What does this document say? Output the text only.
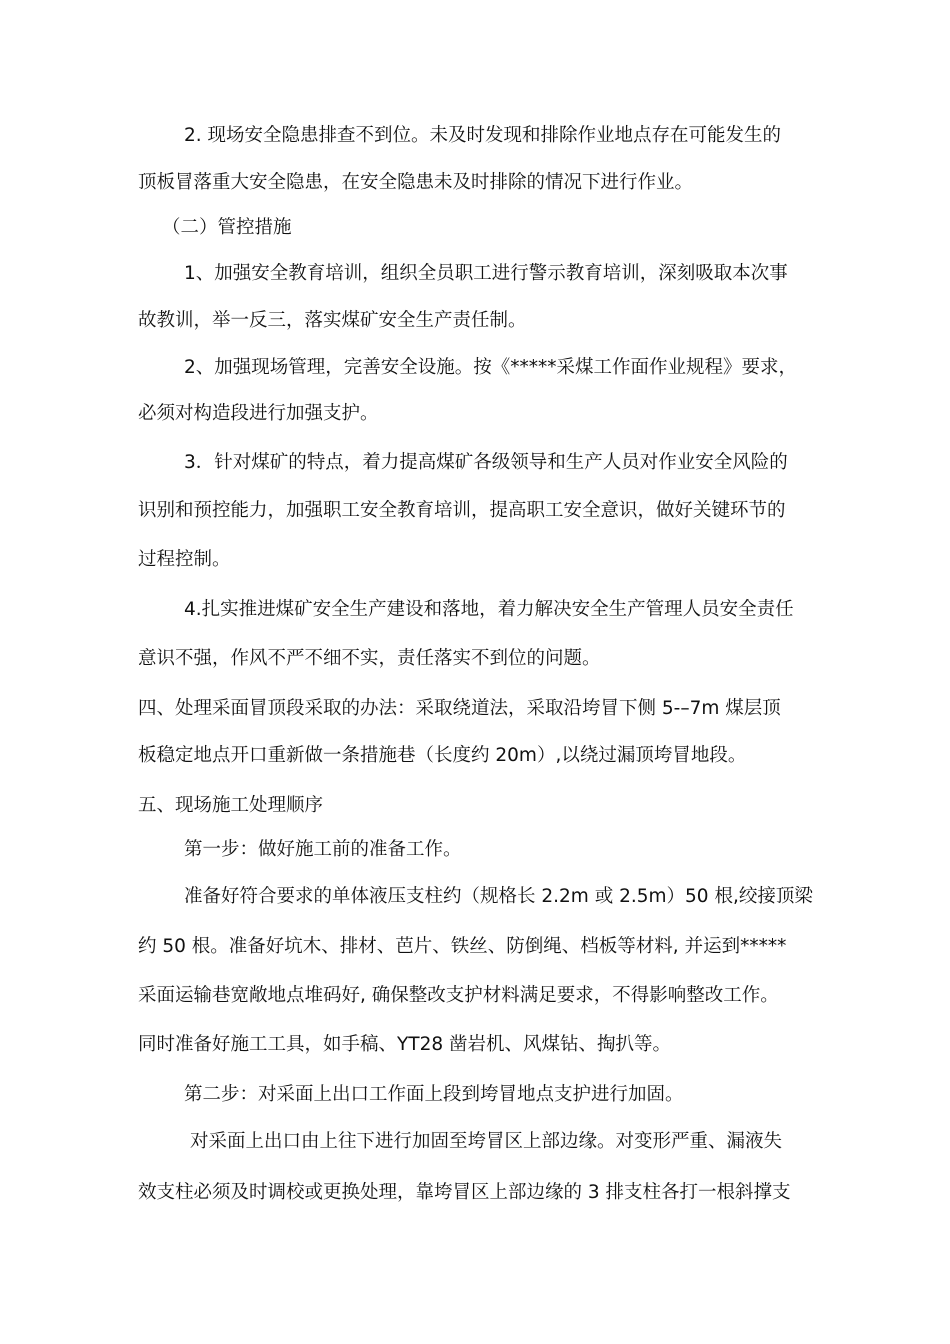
2. 现场安全隐患排查不到位。未及时发现和排除作业地点存在可能发生的
顶板冒落重大安全隐患，在安全隐患未及时排除的情况下进行作业。
（二）管控措施
1、加强安全教育培训，组织全员职工进行警示教育培训，深刻吸取本次事
故教训，举一反三，落实煤矿安全生产责任制。
2、加强现场管理，完善安全设施。按《*****采煤工作面作业规程》要求，
必须对构造段进行加强支护。
3．针对煤矿的特点，着力提高煤矿各级领导和生产人员对作业安全风险的
识别和预控能力，加强职工安全教育培训，提高职工安全意识，做好关键环节的
过程控制。
4.扎实推进煤矿安全生产建设和落地，着力解决安全生产管理人员安全责任
意识不强，作风不严不细不实，责任落实不到位的问题。
四、处理采面冒顶段采取的办法：采取绕道法，采取沿垮冒下侧 5-–7m 煤层顶
板稳定地点开口重新做一条措施巷（长度约 20m）,以绕过漏顶垮冒地段。
五、现场施工处理顺序
第一步：做好施工前的准备工作。
准备好符合要求的单体液压支柱约（规格长 2.2m 或 2.5m）50 根,绞接顶梁
约 50 根。准备好坑木、排材、芭片、铁丝、防倒绳、档板等材料, 并运到*****
采面运输巷宽敞地点堆码好, 确保整改支护材料满足要求，不得影响整改工作。
同时准备好施工工具，如手稿、YT28 凿岩机、风煤钻、掏扒等。
第二步：对采面上出口工作面上段到垮冒地点支护进行加固。
对采面上出口由上往下进行加固至垮冒区上部边缘。对变形严重、漏液失
效支柱必须及时调校或更换处理，靠垮冒区上部边缘的 3 排支柱各打一根斜撑支
